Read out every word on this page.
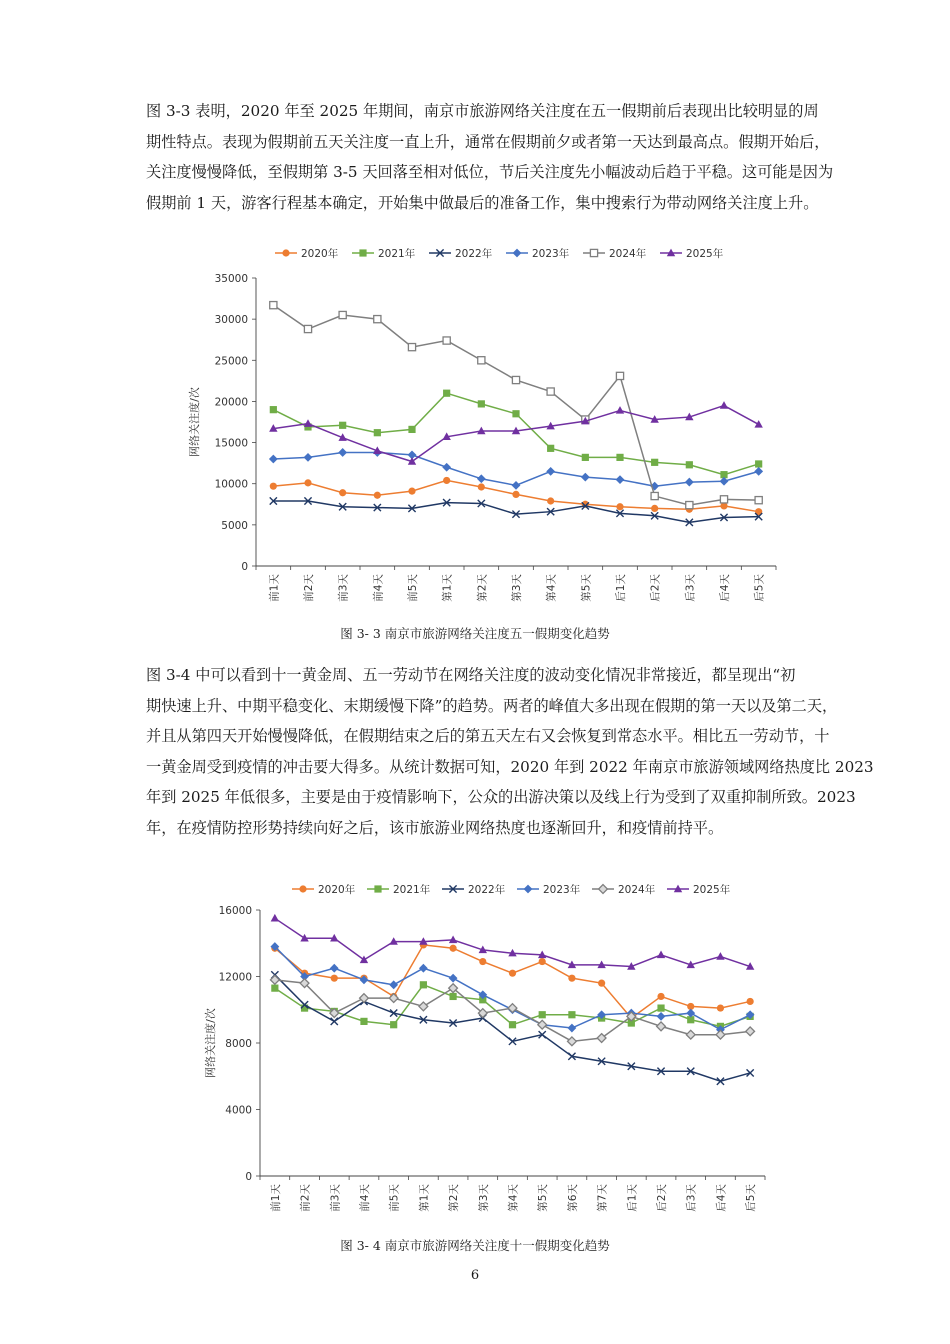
图 3-3 表明，2020 年至 2025 年期间，南京市旅游网络关注度在五一假期前后表现出比较明显的周
期性特点。表现为假期前五天关注度一直上升，通常在假期前夕或者第一天达到最高点。假期开始后，
关注度慢慢降低，至假期第 3-5 天回落至相对低位，节后关注度先小幅波动后趋于平稳。这可能是因为
假期前 1 天，游客行程基本确定，开始集中做最后的准备工作，集中搜索行为带动网络关注度上升。
0
5000
10000
15000
20000
25000
30000
35000
前1天 前2天 前3天 前4天 前5天 第1天 第2天 第3天 第4天 第5天 后1天 后2天 后3天 后4天 后5天
网络关注度/次
2020年	2021年	2022年	2023年	2024年	2025年
图 3- 3 南京市旅游网络关注度五一假期变化趋势
图 3-4 中可以看到十一黄金周、五一劳动节在网络关注度的波动变化情况非常接近，都呈现出“初
期快速上升、中期平稳变化、末期缓慢下降”的趋势。两者的峰值大多出现在假期的第一天以及第二天，
并且从第四天开始慢慢降低，在假期结束之后的第五天左右又会恢复到常态水平。相比五一劳动节，十
一黄金周受到疫情的冲击要大得多。从统计数据可知，2020 年到 2022 年南京市旅游领域网络热度比 2023
年到 2025 年低很多，主要是由于疫情影响下，公众的出游决策以及线上行为受到了双重抑制所致。2023
年，在疫情防控形势持续向好之后，该市旅游业网络热度也逐渐回升，和疫情前持平。
0
4000
8000
12000
16000
前1天 前2天 前3天 前4天 前5天 第1天 第2天 第3天 第4天 第5天 第6天 第7天 后1天 后2天 后3天 后4天 后5天
网络关注度/次
2020年	2021年	2022年	2023年	2024年	2025年
图 3- 4 南京市旅游网络关注度十一假期变化趋势
6
